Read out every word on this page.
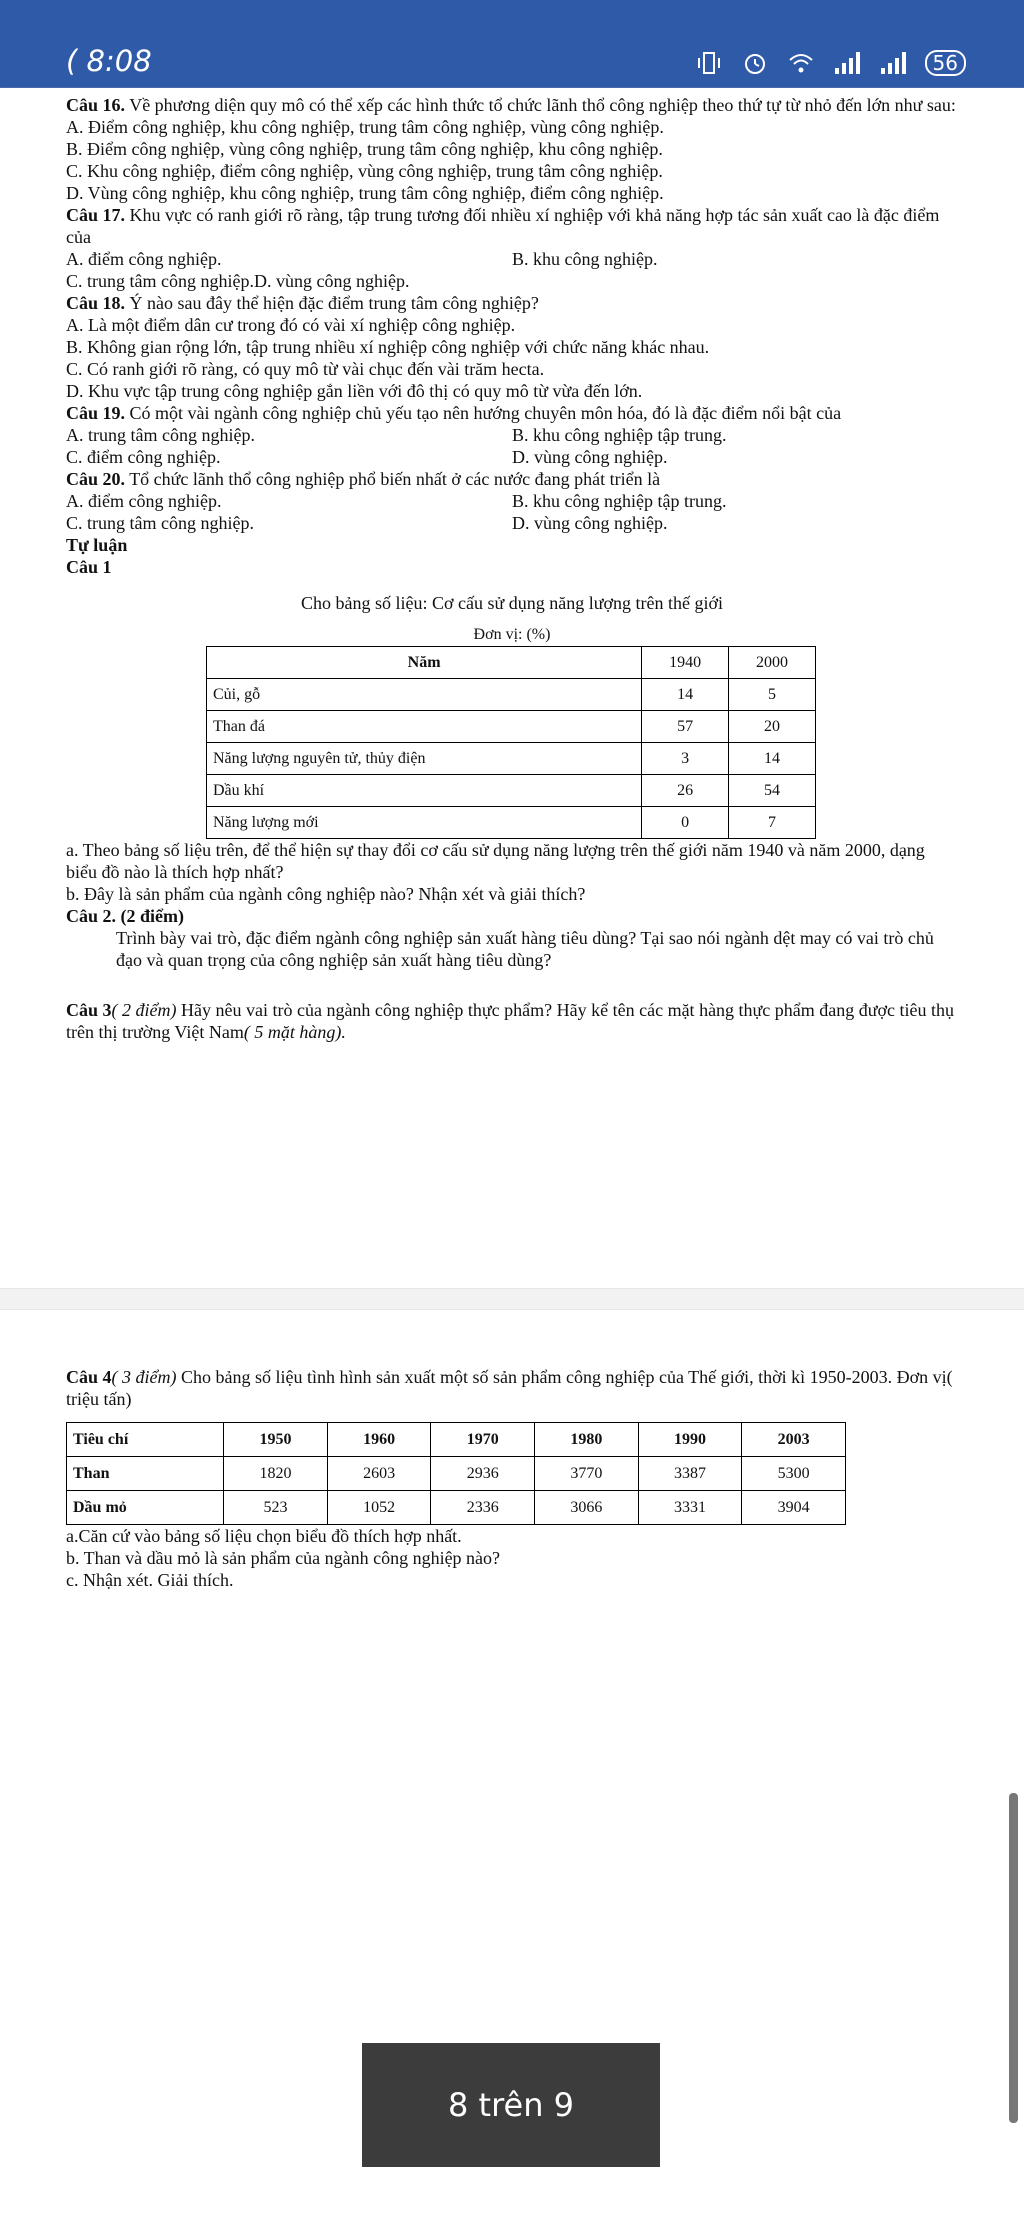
( 8:08	56

Câu 16. Về phương diện quy mô có thể xếp các hình thức tổ chức lãnh thổ công nghiệp theo thứ tự từ nhỏ đến lớn như sau:

A. Điểm công nghiệp, khu công nghiệp, trung tâm công nghiệp, vùng công nghiệp.

B. Điểm công nghiệp, vùng công nghiệp, trung tâm công nghiệp, khu công nghiệp.

C. Khu công nghiệp, điểm công nghiệp, vùng công nghiệp, trung tâm công nghiệp.

D. Vùng công nghiệp, khu công nghiệp, trung tâm công nghiệp, điểm công nghiệp.

Câu 17. Khu vực có ranh giới rõ ràng, tập trung tương đối nhiều xí nghiệp với khả năng hợp tác sản xuất cao là đặc điểm của

A. điểm công nghiệp.	B. khu công nghiệp.

C. trung tâm công nghiệp.D. vùng công nghiệp.

Câu 18. Ý nào sau đây thể hiện đặc điểm trung tâm công nghiệp?

A. Là một điểm dân cư trong đó có vài xí nghiệp công nghiệp.

B. Không gian rộng lớn, tập trung nhiều xí nghiệp công nghiệp với chức năng khác nhau.

C. Có ranh giới rõ ràng, có quy mô từ vài chục đến vài trăm hecta.

D. Khu vực tập trung công nghiệp gắn liền với đô thị có quy mô từ vừa đến lớn.

Câu 19. Có một vài ngành công nghiệp chủ yếu tạo nên hướng chuyên môn hóa, đó là đặc điểm nổi bật của

A. trung tâm công nghiệp.	B. khu công nghiệp tập trung.

C. điểm công nghiệp.	D. vùng công nghiệp.

Câu 20. Tổ chức lãnh thổ công nghiệp phổ biến nhất ở các nước đang phát triển là

A. điểm công nghiệp.	B. khu công nghiệp tập trung.

C. trung tâm công nghiệp.	D. vùng công nghiệp.

Tự luận

Câu 1

Cho bảng số liệu: Cơ cấu sử dụng năng lượng trên thế giới

Đơn vị: (%)

Năm	1940	2000
Củi, gỗ	14	5
Than đá	57	20
Năng lượng nguyên tử, thủy điện	3	14
Dầu khí	26	54
Năng lượng mới	0	7

a. Theo bảng số liệu trên, để thể hiện sự thay đổi cơ cấu sử dụng năng lượng trên thế giới năm 1940 và năm 2000, dạng biểu đồ nào là thích hợp nhất?

b. Đây là sản phẩm của ngành công nghiệp nào? Nhận xét và giải thích?

Câu 2. (2 điểm)

Trình bày vai trò, đặc điểm ngành công nghiệp sản xuất hàng tiêu dùng? Tại sao nói ngành dệt may có vai trò chủ đạo và quan trọng của công nghiệp sản xuất hàng tiêu dùng?

Câu 3( 2 điểm) Hãy nêu vai trò của ngành công nghiệp thực phẩm? Hãy kể tên các mặt hàng thực phẩm đang được tiêu thụ trên thị trường Việt Nam( 5 mặt hàng).

Câu 4( 3 điểm) Cho bảng số liệu tình hình sản xuất một số sản phẩm công nghiệp của Thế giới, thời kì 1950-2003. Đơn vị( triệu tấn)

Tiêu chí	1950	1960	1970	1980	1990	2003
Than	1820	2603	2936	3770	3387	5300
Dầu mỏ	523	1052	2336	3066	3331	3904

a.Căn cứ vào bảng số liệu chọn biểu đồ thích hợp nhất.

b. Than và dầu mỏ là sản phẩm của ngành công nghiệp nào?

c. Nhận xét. Giải thích.

8 trên 9
